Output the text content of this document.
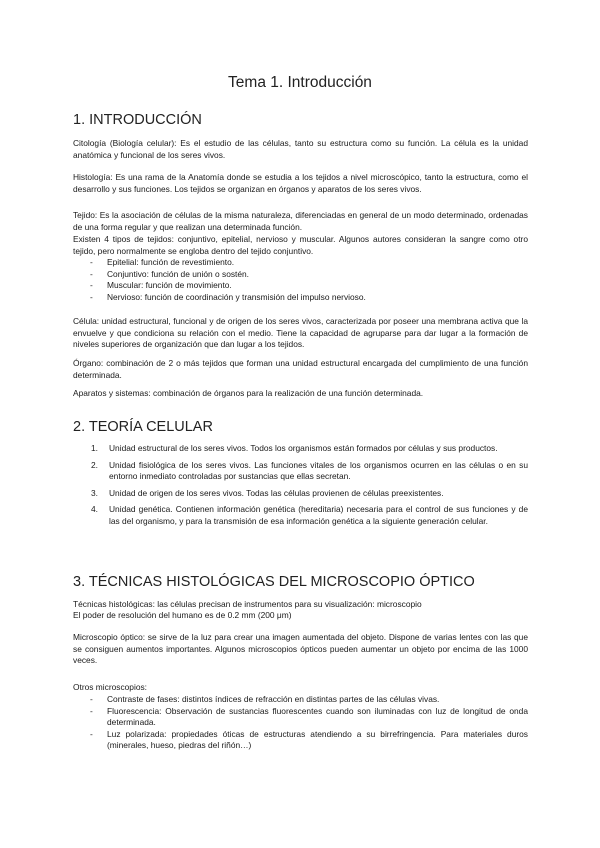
Tema 1. Introducción
1. INTRODUCCIÓN

Citología (Biología celular): Es el estudio de las células, tanto su estructura como su función. La célula es la unidad anatómica y funcional de los seres vivos.

Histología: Es una rama de la Anatomía donde se estudia a los tejidos a nivel microscópico, tanto la estructura, como el desarrollo y sus funciones. Los tejidos se organizan en órganos y aparatos de los seres vivos.

Tejido: Es la asociación de células de la misma naturaleza, diferenciadas en general de un modo determinado, ordenadas de una forma regular y que realizan una determinada función.

Existen 4 tipos de tejidos: conjuntivo, epitelial, nervioso y muscular. Algunos autores consideran la sangre como otro tejido, pero normalmente se engloba dentro del tejido conjuntivo.

- Epitelial: función de revestimiento.
- Conjuntivo: función de unión o sostén.
- Muscular: función de movimiento.
- Nervioso: función de coordinación y transmisión del impulso nervioso.

Célula: unidad estructural, funcional y de origen de los seres vivos, caracterizada por poseer una membrana activa que la envuelve y que condiciona su relación con el medio. Tiene la capacidad de agruparse para dar lugar a la formación de niveles superiores de organización que dan lugar a los tejidos.

Órgano: combinación de 2 o más tejidos que forman una unidad estructural encargada del cumplimiento de una función determinada.

Aparatos y sistemas: combinación de órganos para la realización de una función determinada.

2. TEORÍA CELULAR
1. Unidad estructural de los seres vivos. Todos los organismos están formados por células y sus productos.
2. Unidad fisiológica de los seres vivos. Las funciones vitales de los organismos ocurren en las células o en su entorno inmediato controladas por sustancias que ellas secretan.
3. Unidad de origen de los seres vivos. Todas las células provienen de células preexistentes.
4. Unidad genética. Contienen información genética (hereditaria) necesaria para el control de sus funciones y de las del organismo, y para la transmisión de esa información genética a la siguiente generación celular.
3. TÉCNICAS HISTOLÓGICAS DEL MICROSCOPIO ÓPTICO

Técnicas histológicas: las células precisan de instrumentos para su visualización: microscopio

El poder de resolución del humano es de 0.2 mm (200 μm)

Microscopio óptico: se sirve de la luz para crear una imagen aumentada del objeto. Dispone de varias lentes con las que se consiguen aumentos importantes. Algunos microscopios ópticos pueden aumentar un objeto por encima de las 1000 veces.

Otros microscopios:

- Contraste de fases: distintos índices de refracción en distintas partes de las células vivas.
- Fluorescencia: Observación de sustancias fluorescentes cuando son iluminadas con luz de longitud de onda determinada.
- Luz polarizada: propiedades óticas de estructuras atendiendo a su birrefringencia. Para materiales duros (minerales, hueso, piedras del riñón…)
